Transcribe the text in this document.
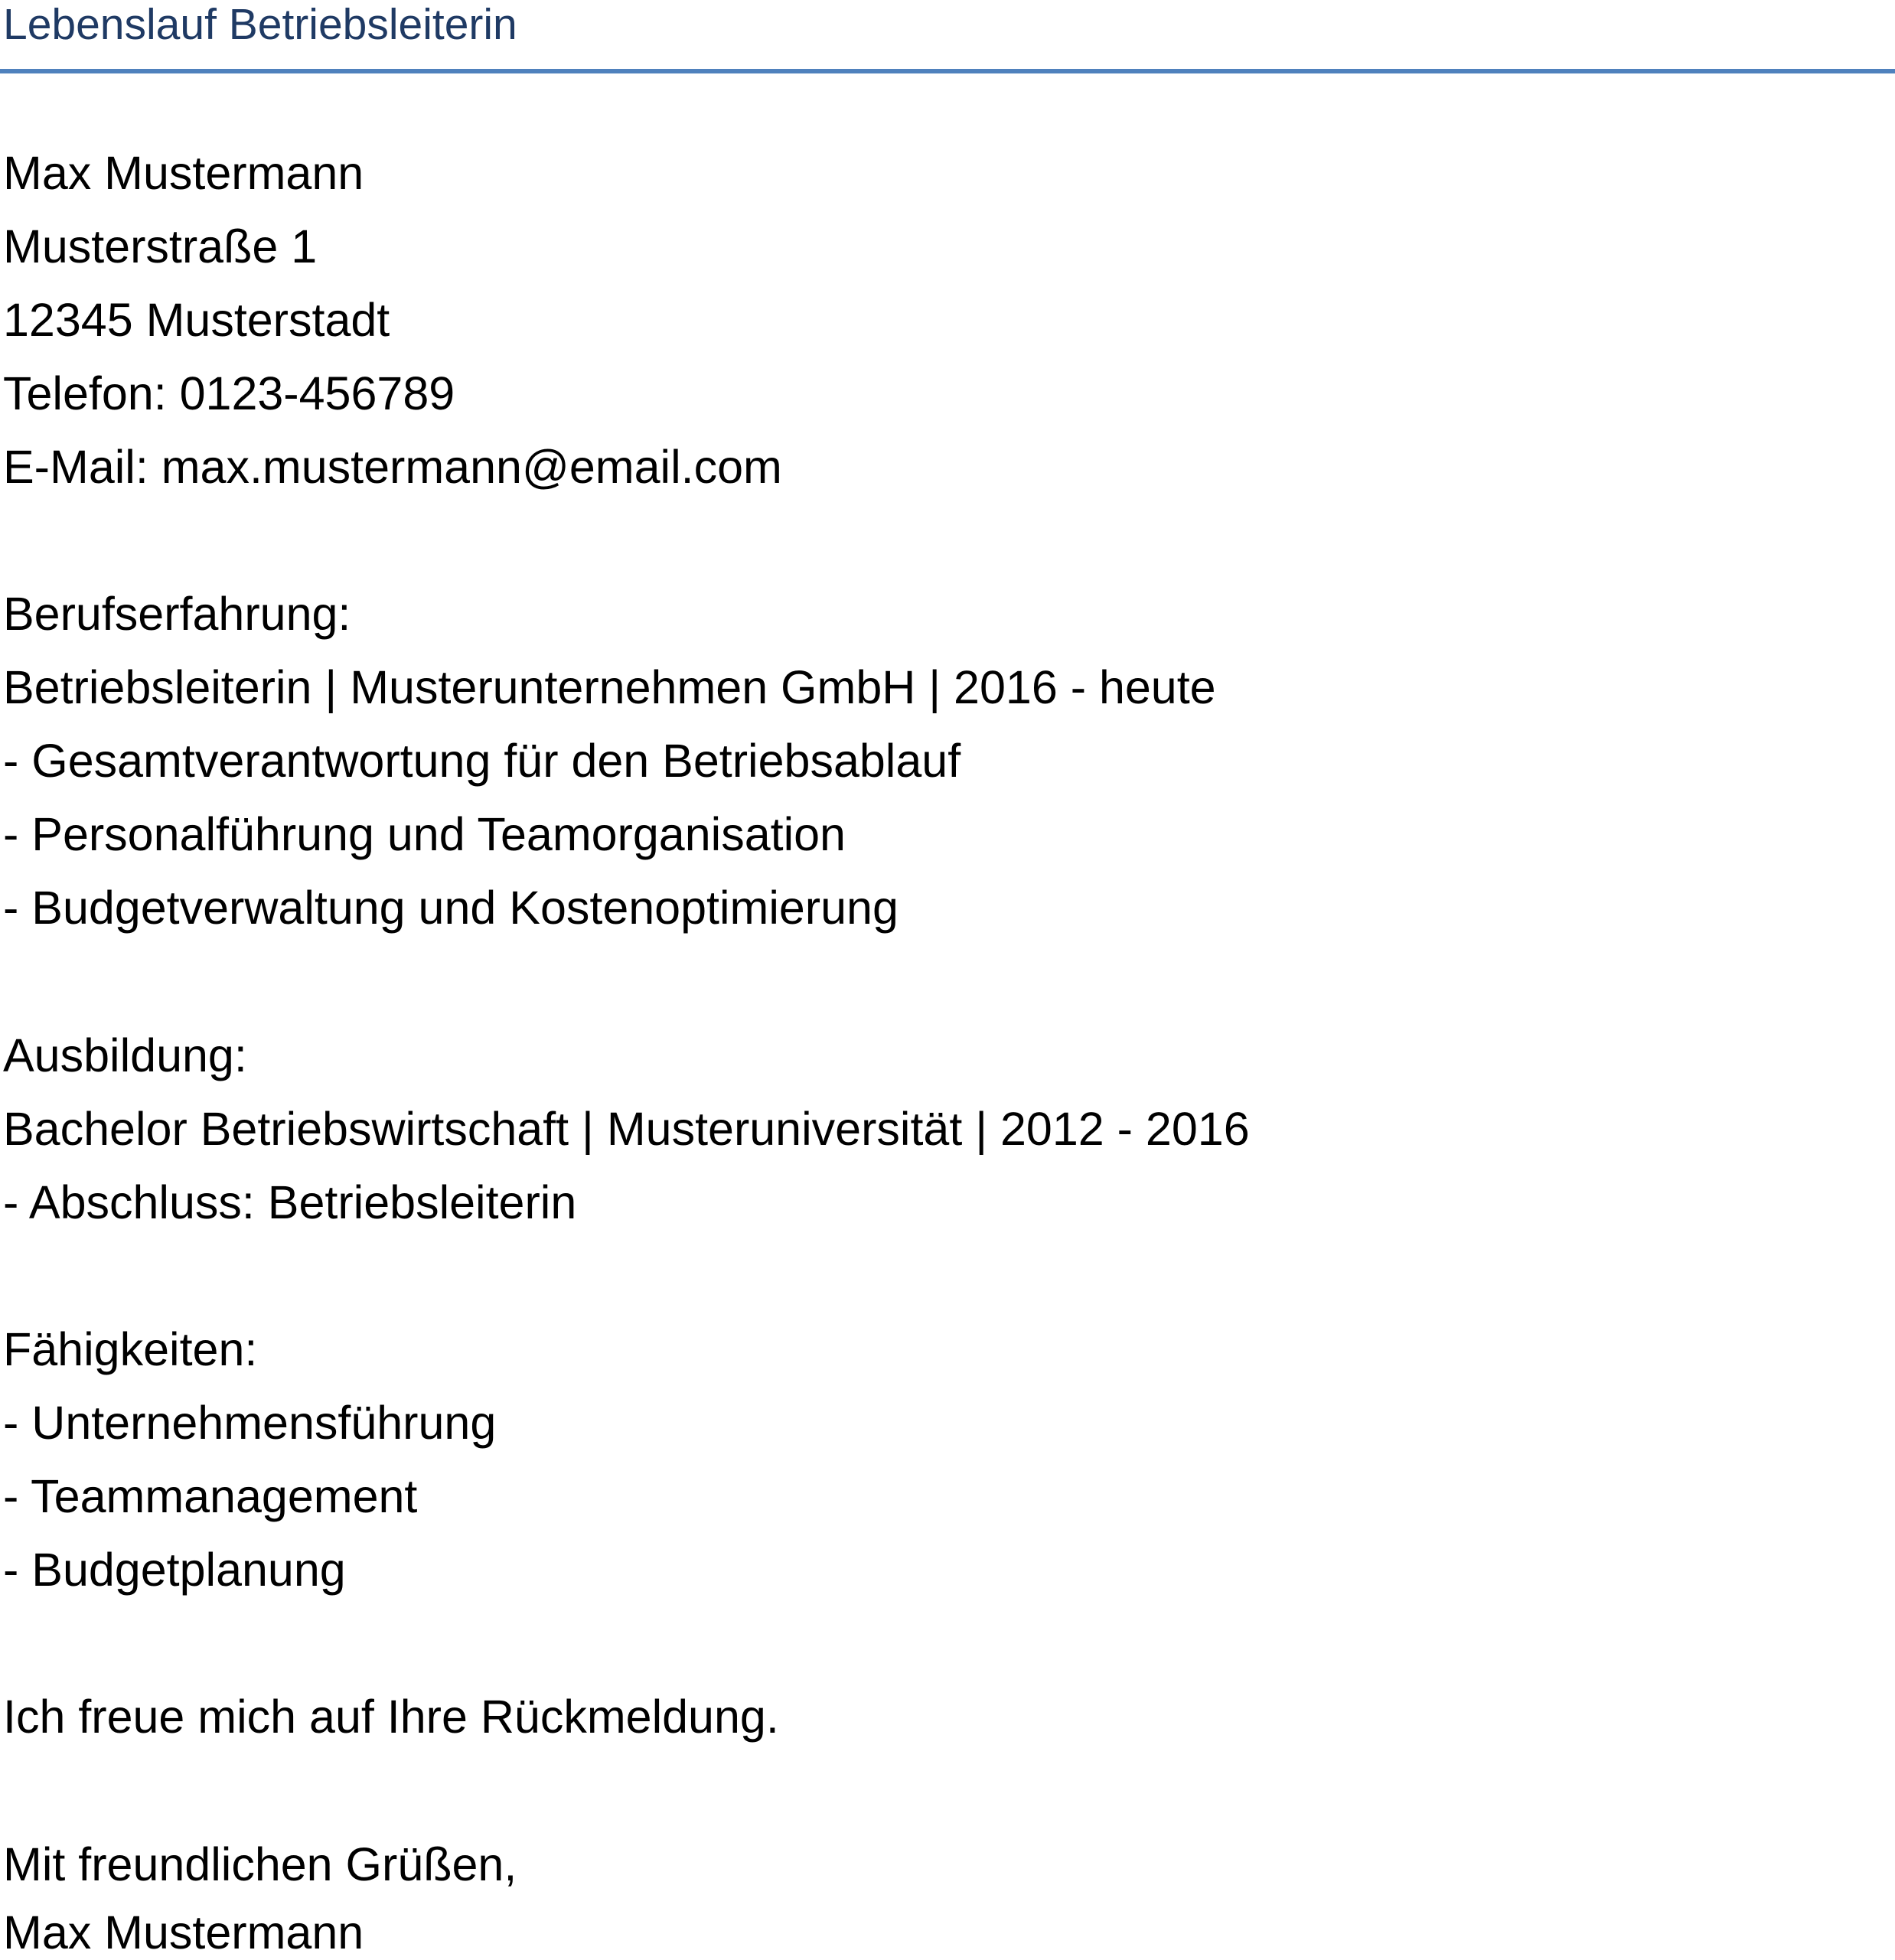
Lebenslauf Betriebsleiterin
Max Mustermann
Musterstraße 1
12345 Musterstadt
Telefon: 0123-456789
E-Mail: max.mustermann@email.com
Berufserfahrung:
Betriebsleiterin | Musterunternehmen GmbH | 2016 - heute
- Gesamtverantwortung für den Betriebsablauf
- Personalführung und Teamorganisation
- Budgetverwaltung und Kostenoptimierung
Ausbildung:
Bachelor Betriebswirtschaft | Musteruniversität | 2012 - 2016
- Abschluss: Betriebsleiterin
Fähigkeiten:
- Unternehmensführung
- Teammanagement
- Budgetplanung
Ich freue mich auf Ihre Rückmeldung.
Mit freundlichen Grüßen,
Max Mustermann
